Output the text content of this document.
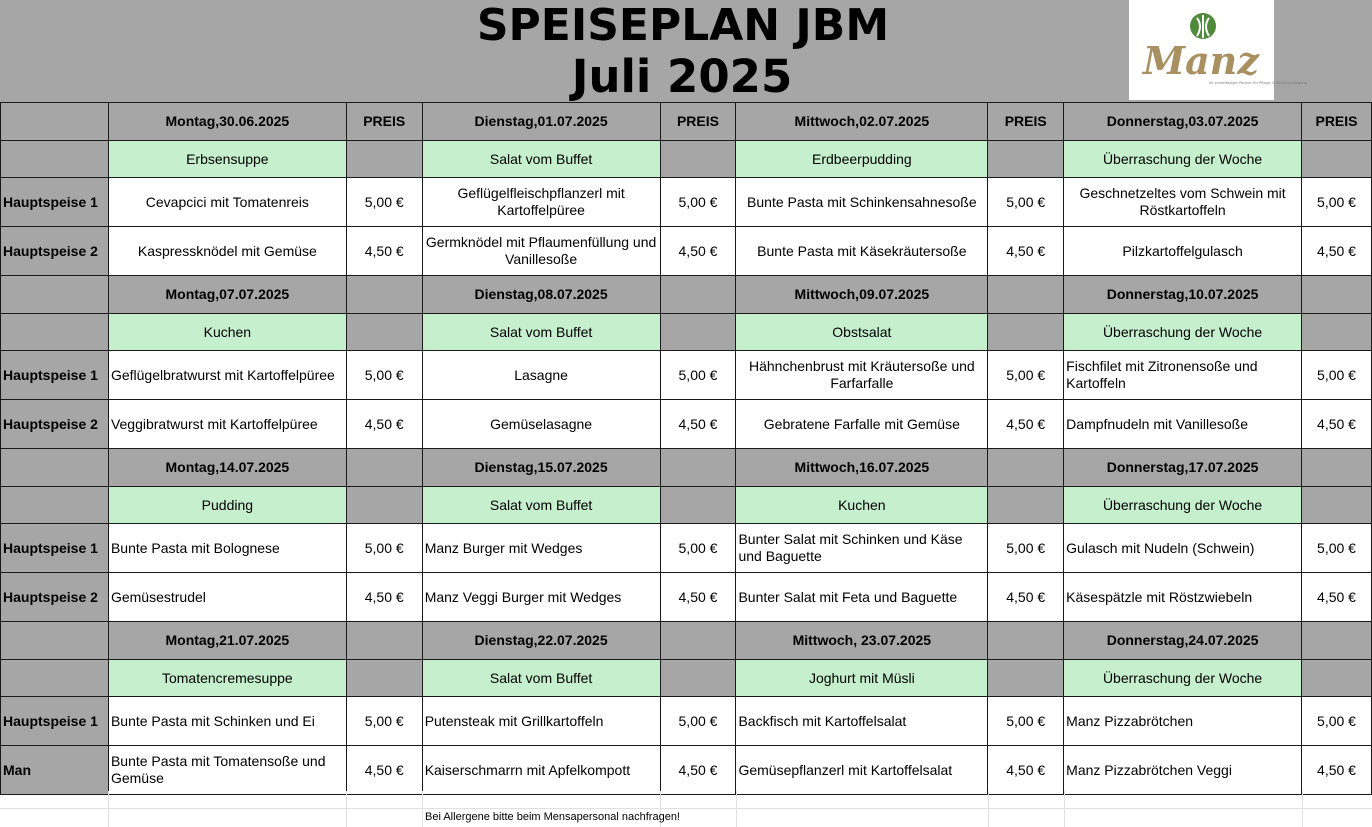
SPEISEPLAN JBM
Juli 2025	Manz
Ihr zuverlässiger Partner für Pflege- & Seniorenpflegung
	Montag,30.06.2025	PREIS	Dienstag,01.07.2025	PREIS	Mittwoch,02.07.2025	PREIS	Donnerstag,03.07.2025	PREIS
	Erbsensuppe		Salat vom Buffet		Erdbeerpudding		Überraschung der Woche	
Hauptspeise 1	Cevapcici mit Tomatenreis	5,00 €	Geflügelfleischpflanzerl mit Kartoffelpüree	5,00 €	Bunte Pasta mit Schinkensahnesoße	5,00 €	Geschnetzeltes vom Schwein mit Röstkartoffeln	5,00 €
Hauptspeise 2	Kaspressknödel mit Gemüse	4,50 €	Germknödel mit Pflaumenfüllung und Vanillesoße	4,50 €	Bunte Pasta mit Käsekräutersoße	4,50 €	Pilzkartoffelgulasch	4,50 €
	Montag,07.07.2025		Dienstag,08.07.2025		Mittwoch,09.07.2025		Donnerstag,10.07.2025	
	Kuchen		Salat vom Buffet		Obstsalat		Überraschung der Woche	
Hauptspeise 1	Geflügelbratwurst mit Kartoffelpüree	5,00 €	Lasagne	5,00 €	Hähnchenbrust mit Kräutersoße und Farfarfalle	5,00 €	Fischfilet mit Zitronensoße und Kartoffeln	5,00 €
Hauptspeise 2	Veggibratwurst mit Kartoffelpüree	4,50 €	Gemüselasagne	4,50 €	Gebratene Farfalle mit Gemüse	4,50 €	Dampfnudeln mit Vanillesoße	4,50 €
	Montag,14.07.2025		Dienstag,15.07.2025		Mittwoch,16.07.2025		Donnerstag,17.07.2025	
	Pudding		Salat vom Buffet		Kuchen		Überraschung der Woche	
Hauptspeise 1	Bunte Pasta mit Bolognese	5,00 €	Manz Burger mit Wedges	5,00 €	Bunter Salat mit Schinken und Käse und Baguette	5,00 €	Gulasch mit Nudeln (Schwein)	5,00 €
Hauptspeise 2	Gemüsestrudel	4,50 €	Manz Veggi Burger mit Wedges	4,50 €	Bunter Salat mit Feta und Baguette	4,50 €	Käsespätzle mit Röstzwiebeln	4,50 €
	Montag,21.07.2025		Dienstag,22.07.2025		Mittwoch, 23.07.2025		Donnerstag,24.07.2025	
	Tomatencremesuppe		Salat vom Buffet		Joghurt mit Müsli		Überraschung der Woche	
Hauptspeise 1	Bunte Pasta mit Schinken und Ei	5,00 €	Putensteak mit Grillkartoffeln	5,00 €	Backfisch mit Kartoffelsalat	5,00 €	Manz Pizzabrötchen	5,00 €
Man	Bunte Pasta mit Tomatensoße und Gemüse	4,50 €	Kaiserschmarrn mit Apfelkompott	4,50 €	Gemüsepflanzerl mit Kartoffelsalat	4,50 €	Manz Pizzabrötchen Veggi	4,50 €
Bei Allergene bitte beim Mensapersonal nachfragen!
